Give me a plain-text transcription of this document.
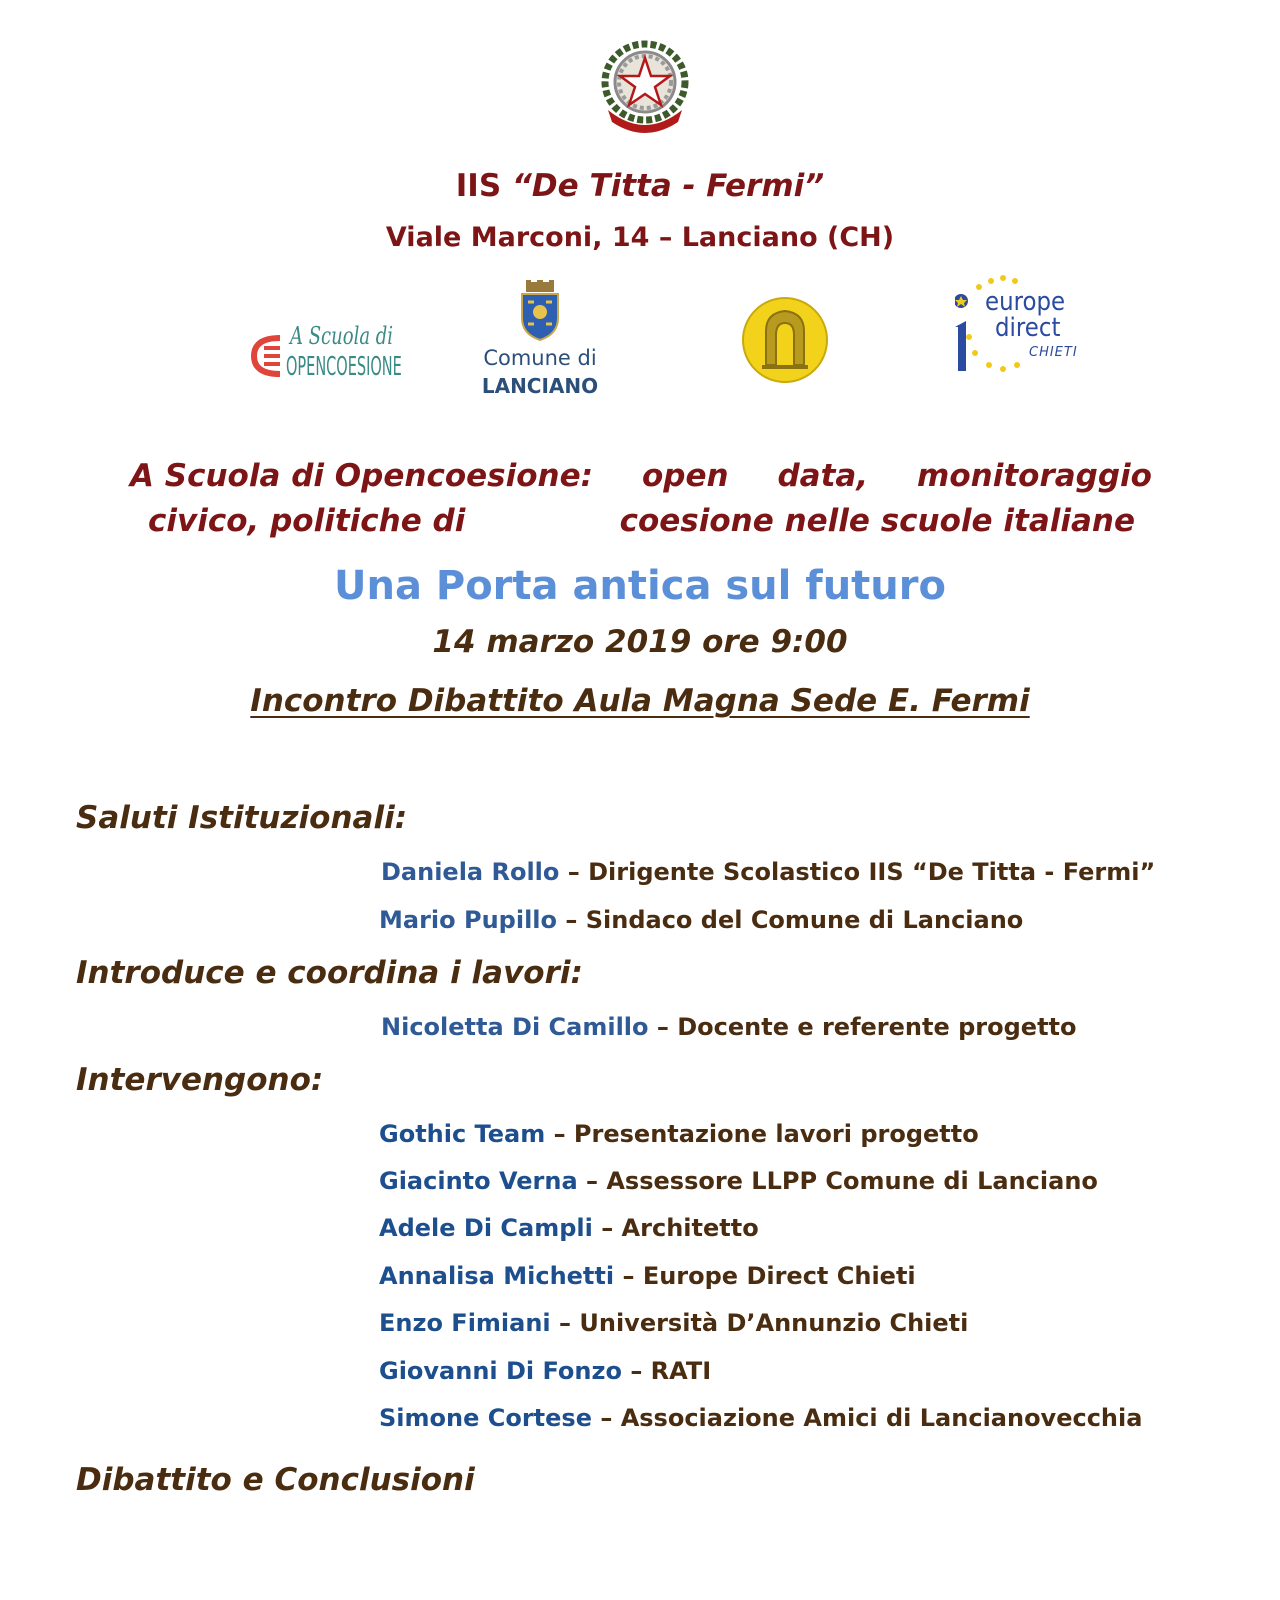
IIS “De Titta - Fermi”
Viale Marconi, 14 – Lanciano (CH)
A Scuola di
OPENCOESIONE	Comune di
LANCIANO
europe
direct
CHIETI
A Scuola di Opencoesione: open data, monitoraggio
civico, politiche di	coesione nelle scuole italiane
Una Porta antica sul futuro
14 marzo 2019 ore 9:00
Incontro Dibattito Aula Magna Sede E. Fermi
Saluti Istituzionali:
Daniela Rollo – Dirigente Scolastico IIS “De Titta - Fermi”
Mario Pupillo – Sindaco del Comune di Lanciano
Introduce e coordina i lavori:
Nicoletta Di Camillo – Docente e referente progetto
Intervengono:
Gothic Team – Presentazione lavori progetto
Giacinto Verna – Assessore LLPP Comune di Lanciano
Adele Di Campli – Architetto
Annalisa Michetti – Europe Direct Chieti
Enzo Fimiani – Università D’Annunzio Chieti
Giovanni Di Fonzo – RATI
Simone Cortese – Associazione Amici di Lancianovecchia
Dibattito e Conclusioni
